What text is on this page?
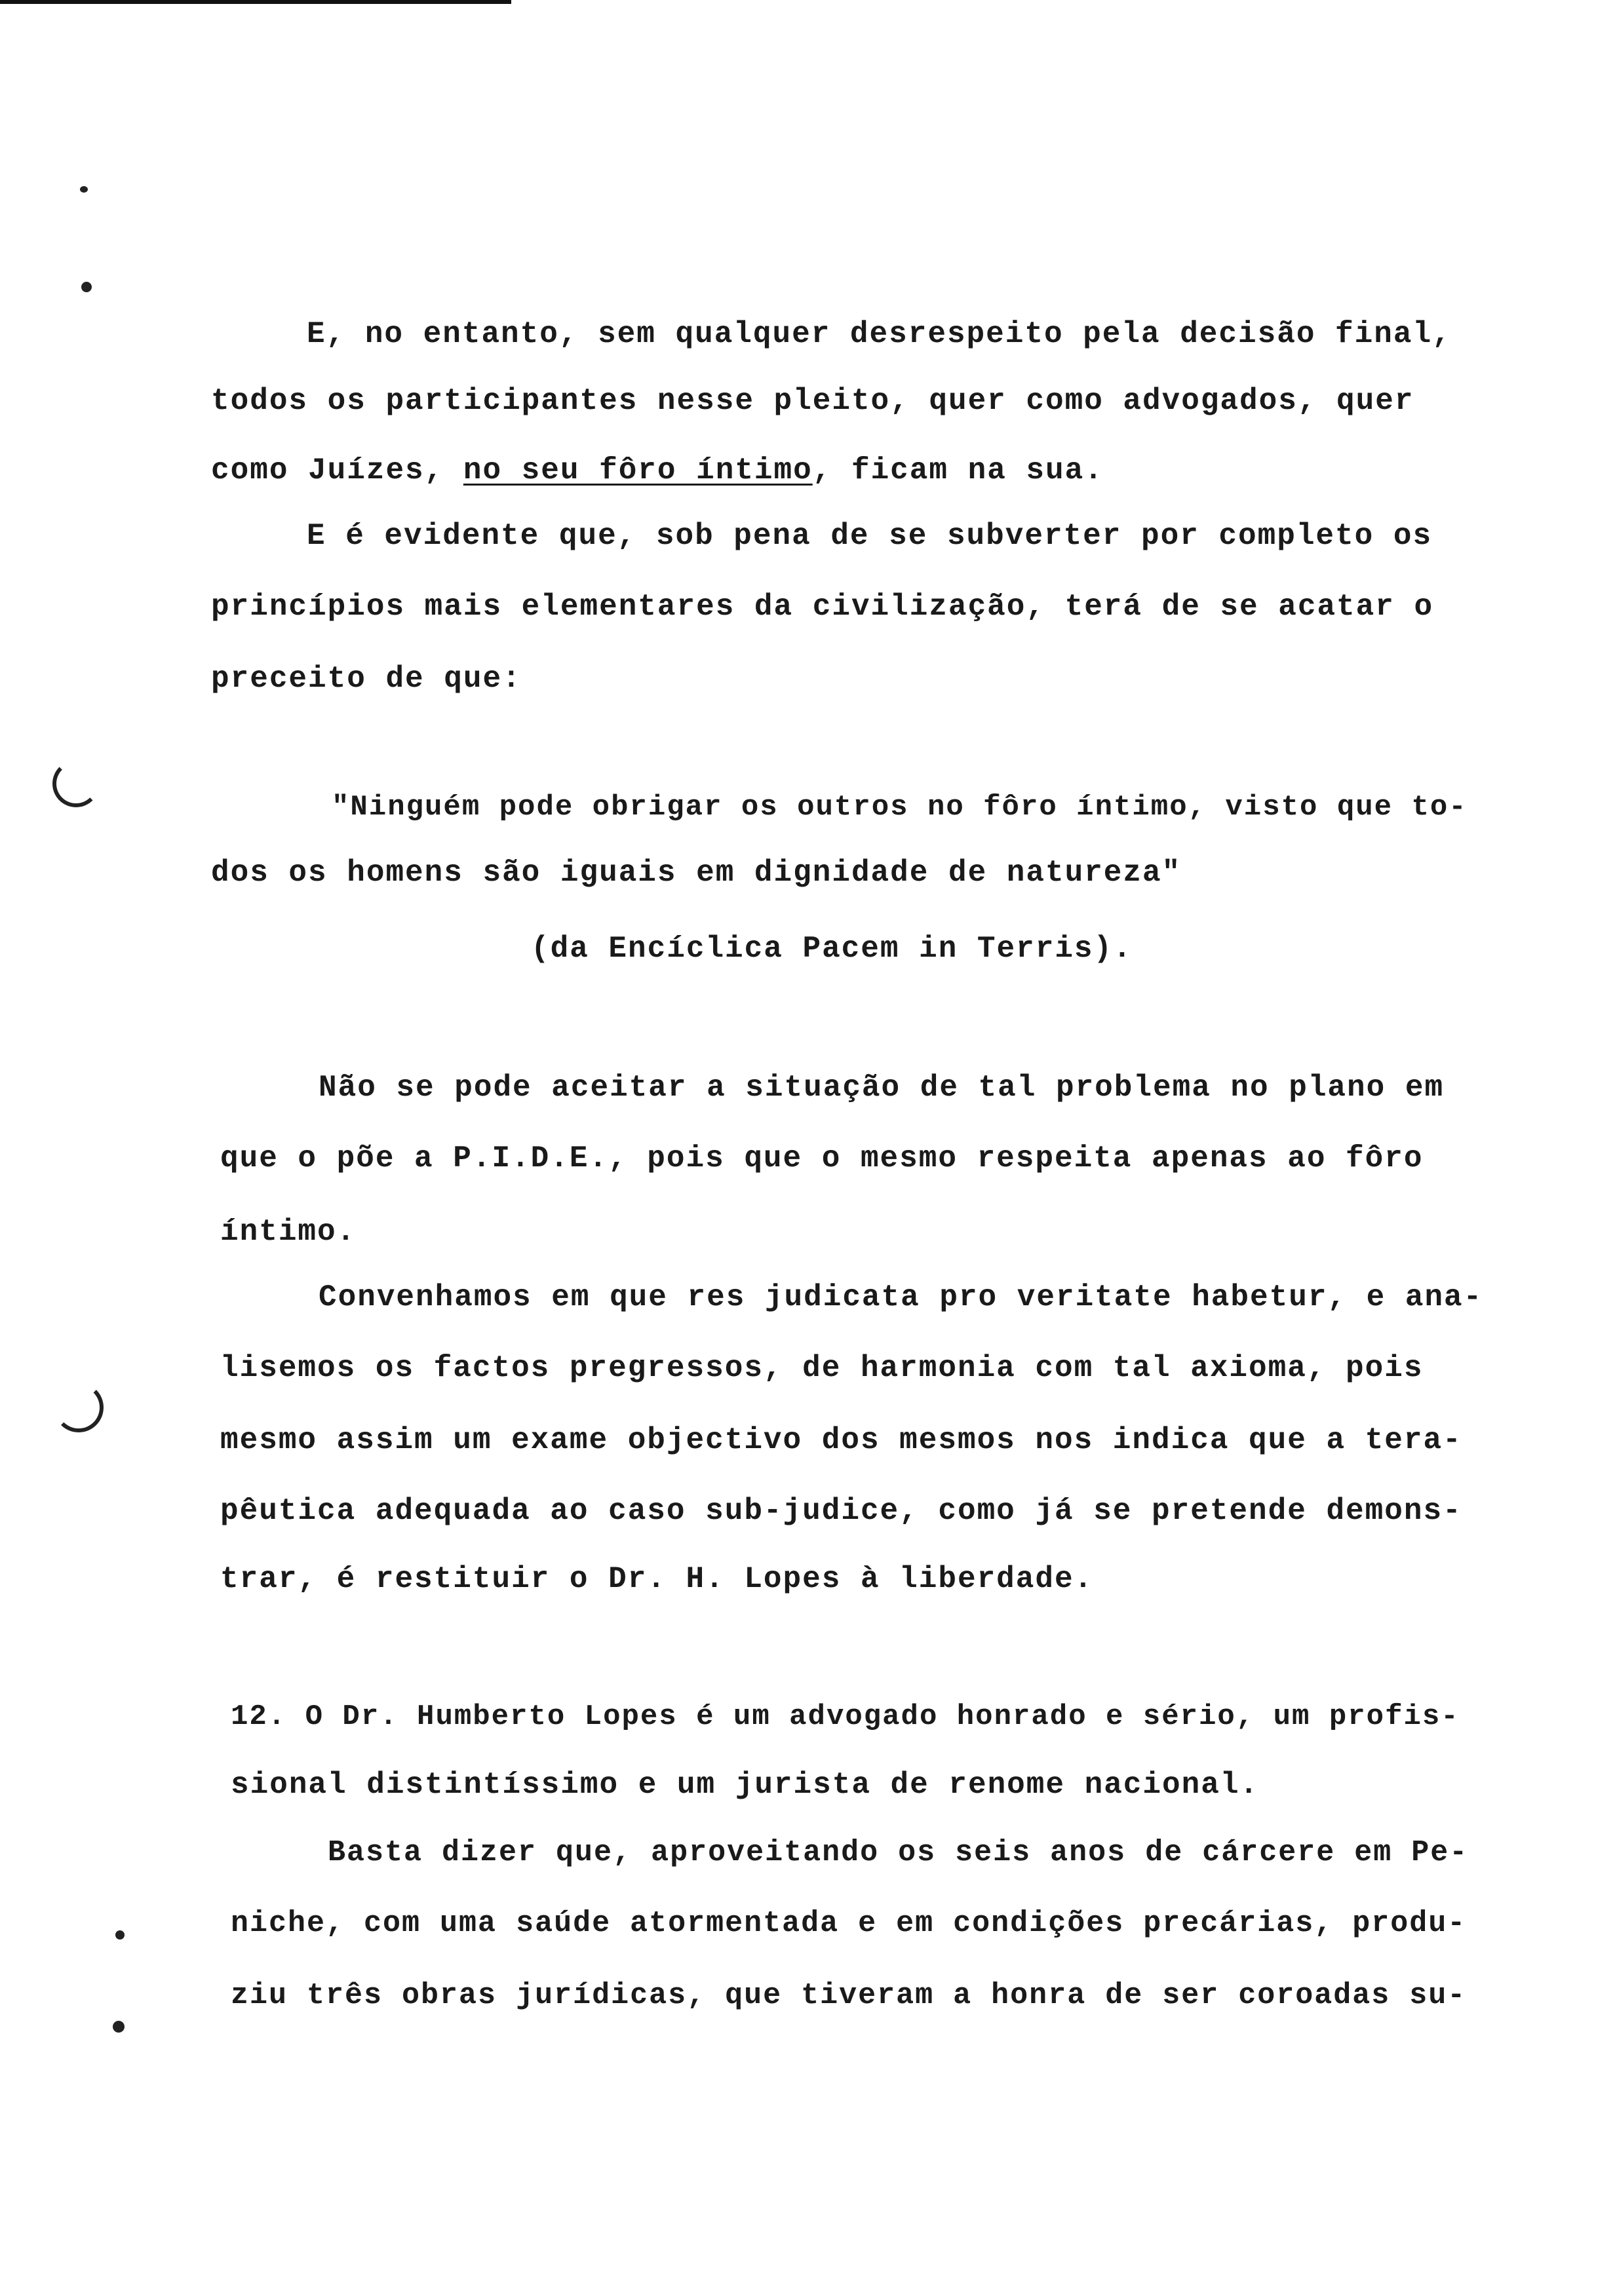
E, no entanto, sem qualquer desrespeito pela decisão final,
todos os participantes nesse pleito, quer como advogados, quer
como Juízes, no seu fôro íntimo, ficam na sua.
E é evidente que, sob pena de se subverter por completo os
princípios mais elementares da civilização, terá de se acatar o
preceito de que:
"Ninguém pode obrigar os outros no fôro íntimo, visto que to-
dos os homens são iguais em dignidade de natureza"
(da Encíclica Pacem in Terris).
Não se pode aceitar a situação de tal problema no plano em
que o põe a P.I.D.E., pois que o mesmo respeita apenas ao fôro
íntimo.
Convenhamos em que res judicata pro veritate habetur, e ana-
lisemos os factos pregressos, de harmonia com tal axioma, pois
mesmo assim um exame objectivo dos mesmos nos indica que a tera-
pêutica adequada ao caso sub-judice, como já se pretende demons-
trar, é restituir o Dr. H. Lopes à liberdade.
12. O Dr. Humberto Lopes é um advogado honrado e sério, um profis-
sional distintíssimo e um jurista de renome nacional.
Basta dizer que, aproveitando os seis anos de cárcere em Pe-
niche, com uma saúde atormentada e em condições precárias, produ-
ziu três obras jurídicas, que tiveram a honra de ser coroadas su-
